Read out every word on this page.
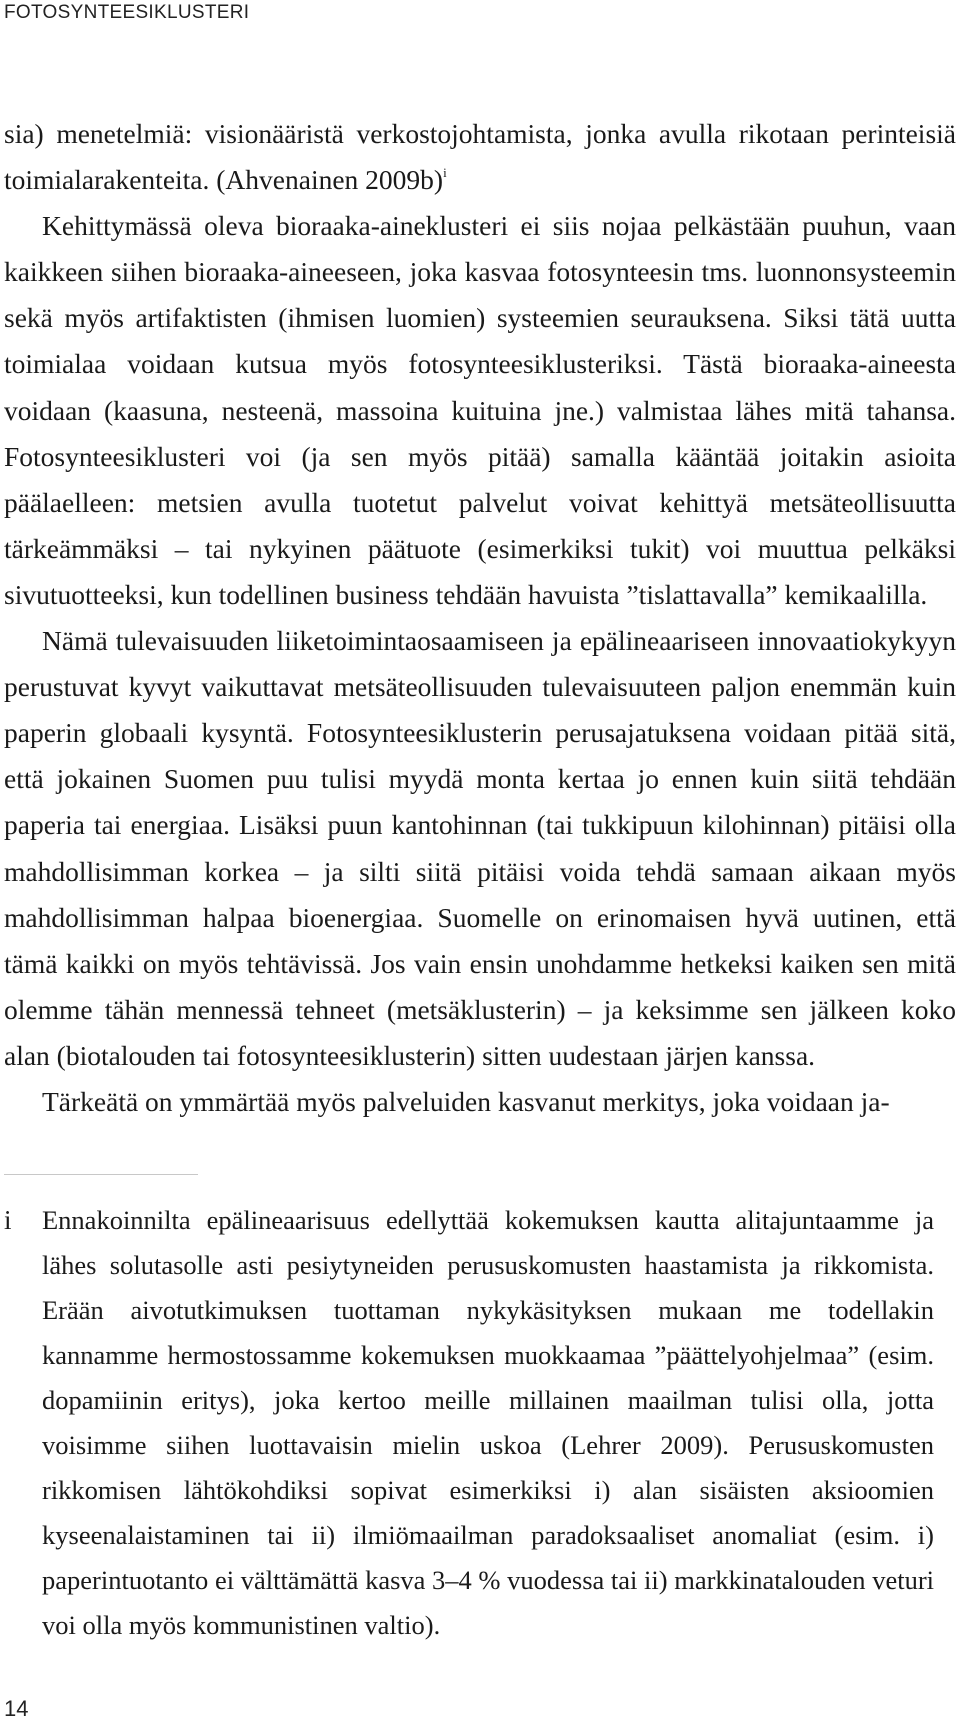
FOTOSYNTEESIKLUSTERI

sia) menetelmiä: visionääristä verkostojohtamista, jonka avulla rikotaan perinteisiä toimialarakenteita. (Ahvenainen 2009b)$^i$

Kehittymässä oleva bioraaka-aineklusteri ei siis nojaa pelkästään puuhun, vaan kaikkeen siihen bioraaka-aineeseen, joka kasvaa fotosynteesin tms. luonnonsysteemin sekä myös artifaktisten (ihmisen luomien) systeemien seurauksena. Siksi tätä uutta toimialaa voidaan kutsua myös fotosynteesiklusteriksi. Tästä bioraaka-aineesta voidaan (kaasuna, nesteenä, massoina kuituina jne.) valmistaa lähes mitä tahansa. Fotosynteesiklusteri voi (ja sen myös pitää) samalla kääntää joitakin asioita päälaelleen: metsien avulla tuotetut palvelut voivat kehittyä metsäteollisuutta tärkeämmäksi – tai nykyinen päätuote (esimerkiksi tukit) voi muuttua pelkäksi sivutuotteeksi, kun todellinen business tehdään havuista ”tislattavalla” kemikaalilla.

Nämä tulevaisuuden liiketoimintaosaamiseen ja epälineaariseen innovaatiokykyyn perustuvat kyvyt vaikuttavat metsäteollisuuden tulevaisuuteen paljon enemmän kuin paperin globaali kysyntä. Fotosynteesiklusterin perusajatuksena voidaan pitää sitä, että jokainen Suomen puu tulisi myydä monta kertaa jo ennen kuin siitä tehdään paperia tai energiaa. Lisäksi puun kantohinnan (tai tukkipuun kilohinnan) pitäisi olla mahdollisimman korkea – ja silti siitä pitäisi voida tehdä samaan aikaan myös mahdollisimman halpaa bioenergiaa. Suomelle on erinomaisen hyvä uutinen, että tämä kaikki on myös tehtävissä. Jos vain ensin unohdamme hetkeksi kaiken sen mitä olemme tähän mennessä tehneet (metsäklusterin) – ja keksimme sen jälkeen koko alan (biotalouden tai fotosynteesiklusterin) sitten uudestaan järjen kanssa.

Tärkeätä on ymmärtää myös palveluiden kasvanut merkitys, joka voidaan ja-

i Ennakoinnilta epälineaarisuus edellyttää kokemuksen kautta alitajuntaamme ja lähes solutasolle asti pesiytyneiden perususkomusten haastamista ja rikkomista. Erään aivotutkimuksen tuottaman nykykäsityksen mukaan me todellakin kannamme hermostossamme kokemuksen muokkaamaa ”päättelyohjelmaa” (esim. dopamiinin eritys), joka kertoo meille millainen maailman tulisi olla, jotta voisimme siihen luottavaisin mielin uskoa (Lehrer 2009). Perususkomusten rikkomisen lähtökohdiksi sopivat esimerkiksi i) alan sisäisten aksioomien kyseenalaistaminen tai ii) ilmiömaailman paradoksaaliset anomaliat (esim. i) paperintuotanto ei välttämättä kasva 3–4 % vuodessa tai ii) markkinatalouden veturi voi olla myös kommunistinen valtio).
14
